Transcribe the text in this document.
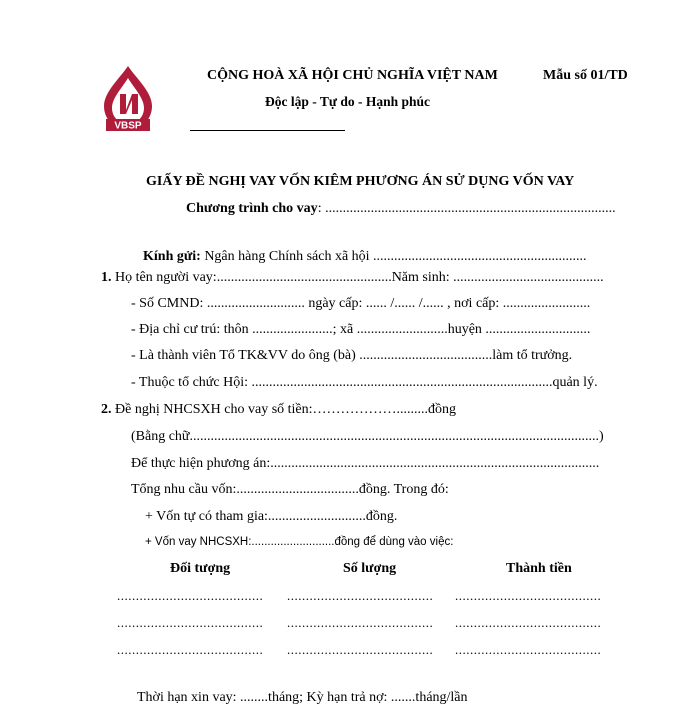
VBSP
CỘNG HOÀ XÃ HỘI CHỦ NGHĨA VIỆT NAM	Mẫu số 01/TD
Độc lập - Tự do - Hạnh phúc
GIẤY ĐỀ NGHỊ VAY VỐN KIÊM PHƯƠNG ÁN SỬ DỤNG VỐN VAY
Chương trình cho vay: ...................................................................................
Kính gửi: Ngân hàng Chính sách xã hội .............................................................
1. Họ tên người vay:..................................................Năm sinh: ...........................................
- Số CMND: ............................ ngày cấp: ...... /...... /...... , nơi cấp: .........................
- Địa chỉ cư trú: thôn .......................; xã ..........................huyện ..............................
- Là thành viên Tổ TK&VV do ông (bà) ......................................làm tổ trưởng.
- Thuộc tổ chức Hội: ......................................................................................quản lý.
2. Đề nghị NHCSXH cho vay số tiền:……………….........đồng
(Bằng chữ.....................................................................................................................)
Để thực hiện phương án:..............................................................................................
Tổng nhu cầu vốn:...................................đồng. Trong đó:
+ Vốn tự có tham gia:............................đồng.
+ Vốn vay NHCSXH:..........................đồng để dùng vào việc:
Đối tượng	Số lượng	Thành tiền
....................................... ....................................... .......................................
....................................... ....................................... .......................................
....................................... ....................................... .......................................
Thời hạn xin vay: ........tháng; Kỳ hạn trả nợ: .......tháng/lần
